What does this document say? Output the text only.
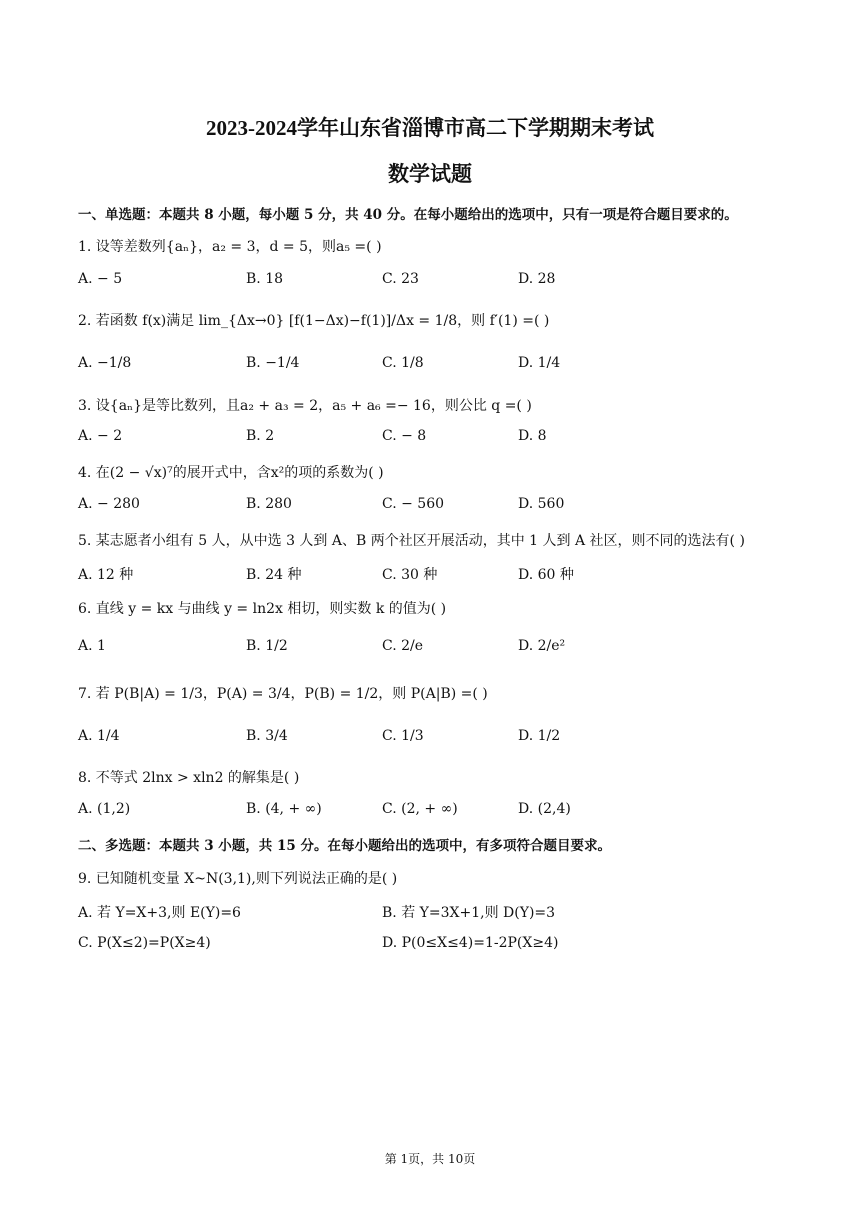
2023-2024学年山东省淄博市高二下学期期末考试
数学试题
一、单选题：本题共 8 小题，每小题 5 分，共 40 分。在每小题给出的选项中，只有一项是符合题目要求的。
1. 设等差数列{aₙ}，a₂ = 3，d = 5，则a₅ =( )
A. − 5	B. 18	C. 23	D. 28
2. 若函数 f(x)满足 lim_{Δx→0} [f(1−Δx)−f(1)]/Δx = 1/8，则 f′(1) =( )
A. −1/8	B. −1/4	C. 1/8	D. 1/4
3. 设{aₙ}是等比数列，且a₂ + a₃ = 2，a₅ + a₆ =− 16，则公比 q =( )
A. − 2	B. 2	C. − 8	D. 8
4. 在(2 − √x)⁷的展开式中，含x²的项的系数为( )
A. − 280	B. 280	C. − 560	D. 560
5. 某志愿者小组有 5 人，从中选 3 人到 A、B 两个社区开展活动，其中 1 人到 A 社区，则不同的选法有( )
A. 12 种	B. 24 种	C. 30 种	D. 60 种
6. 直线 y = kx 与曲线 y = ln2x 相切，则实数 k 的值为( )
A. 1	B. 1/2	C. 2/e	D. 2/e²
7. 若 P(B|A) = 1/3，P(A) = 3/4，P(B) = 1/2，则 P(A|B) =( )
A. 1/4	B. 3/4	C. 1/3	D. 1/2
8. 不等式 2lnx > xln2 的解集是( )
A. (1,2)	B. (4, + ∞)	C. (2, + ∞)	D. (2,4)
二、多选题：本题共 3 小题，共 15 分。在每小题给出的选项中，有多项符合题目要求。
9. 已知随机变量 X~N(3,1),则下列说法正确的是( )
A. 若 Y=X+3,则 E(Y)=6	B. 若 Y=3X+1,则 D(Y)=3
C. P(X≤2)=P(X≥4)	D. P(0≤X≤4)=1-2P(X≥4)
第 1页，共 10页
